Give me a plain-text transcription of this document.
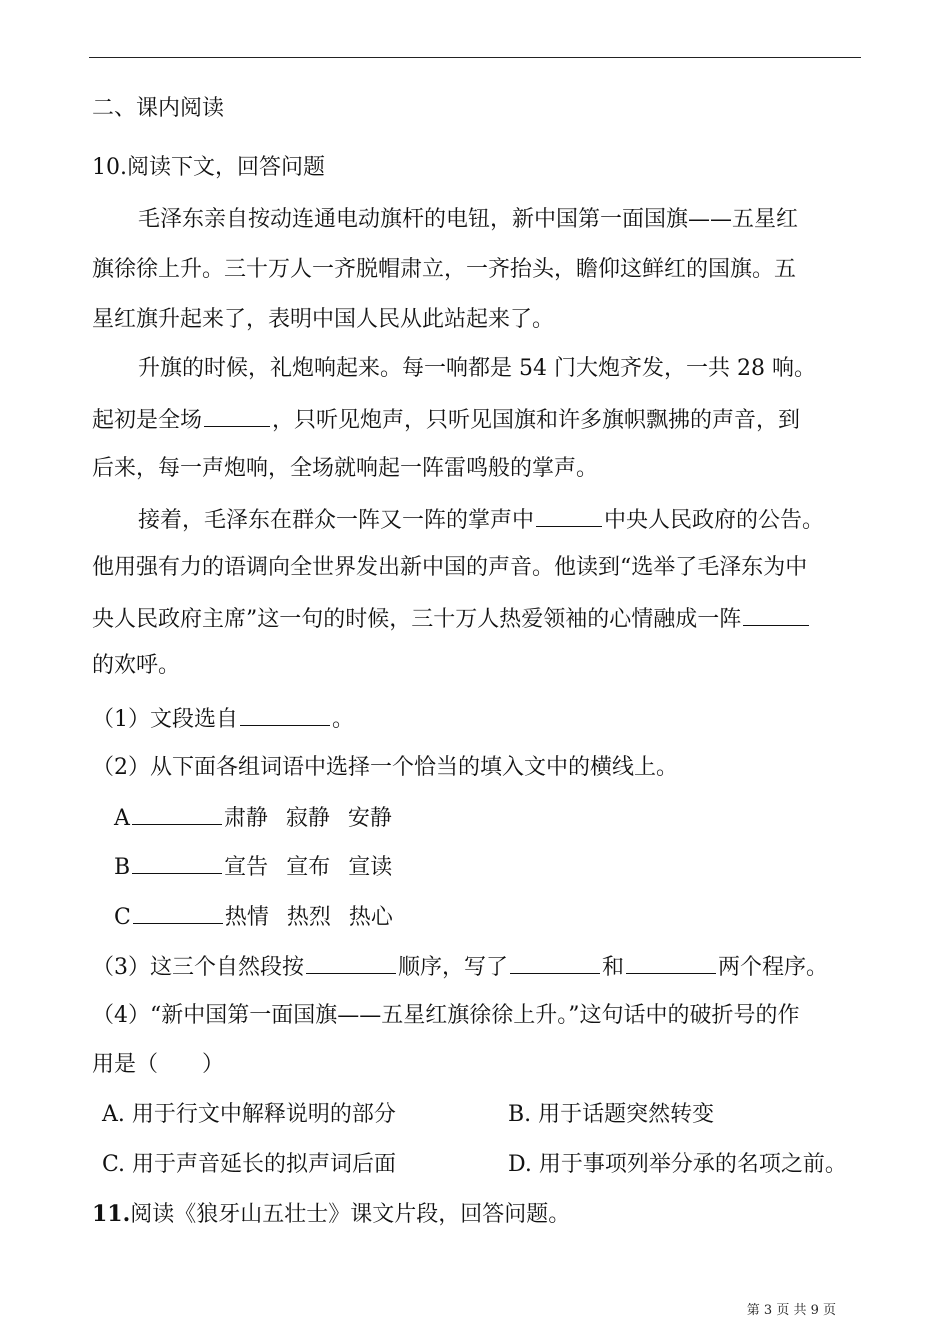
二、课内阅读
10.阅读下文，回答问题
毛泽东亲自按动连通电动旗杆的电钮，新中国第一面国旗——五星红
旗徐徐上升。三十万人一齐脱帽肃立，一齐抬头，瞻仰这鲜红的国旗。五
星红旗升起来了，表明中国人民从此站起来了。
升旗的时候，礼炮响起来。每一响都是 54 门大炮齐发，一共 28 响。
起初是全场	，只听见炮声，只听见国旗和许多旗帜飘拂的声音，到
后来，每一声炮响，全场就响起一阵雷鸣般的掌声。
接着，毛泽东在群众一阵又一阵的掌声中	中央人民政府的公告。
他用强有力的语调向全世界发出新中国的声音。他读到“选举了毛泽东为中
央人民政府主席”这一句的时候，三十万人热爱领袖的心情融成一阵
的欢呼。
（1）文段选自	。
（2）从下面各组词语中选择一个恰当的填入文中的横线上。
A	肃静 寂静 安静
B	宣告 宣布 宣读
C	热情 热烈 热心
（3）这三个自然段按	顺序，写了	和	两个程序。
（4）“新中国第一面国旗——五星红旗徐徐上升。”这句话中的破折号的作
用是（　　）
A. 用于行文中解释说明的部分	B. 用于话题突然转变
C. 用于声音延长的拟声词后面	D. 用于事项列举分承的名项之前。
11.阅读《狼牙山五壮士》课文片段，回答问题。
第 3 页 共 9 页
